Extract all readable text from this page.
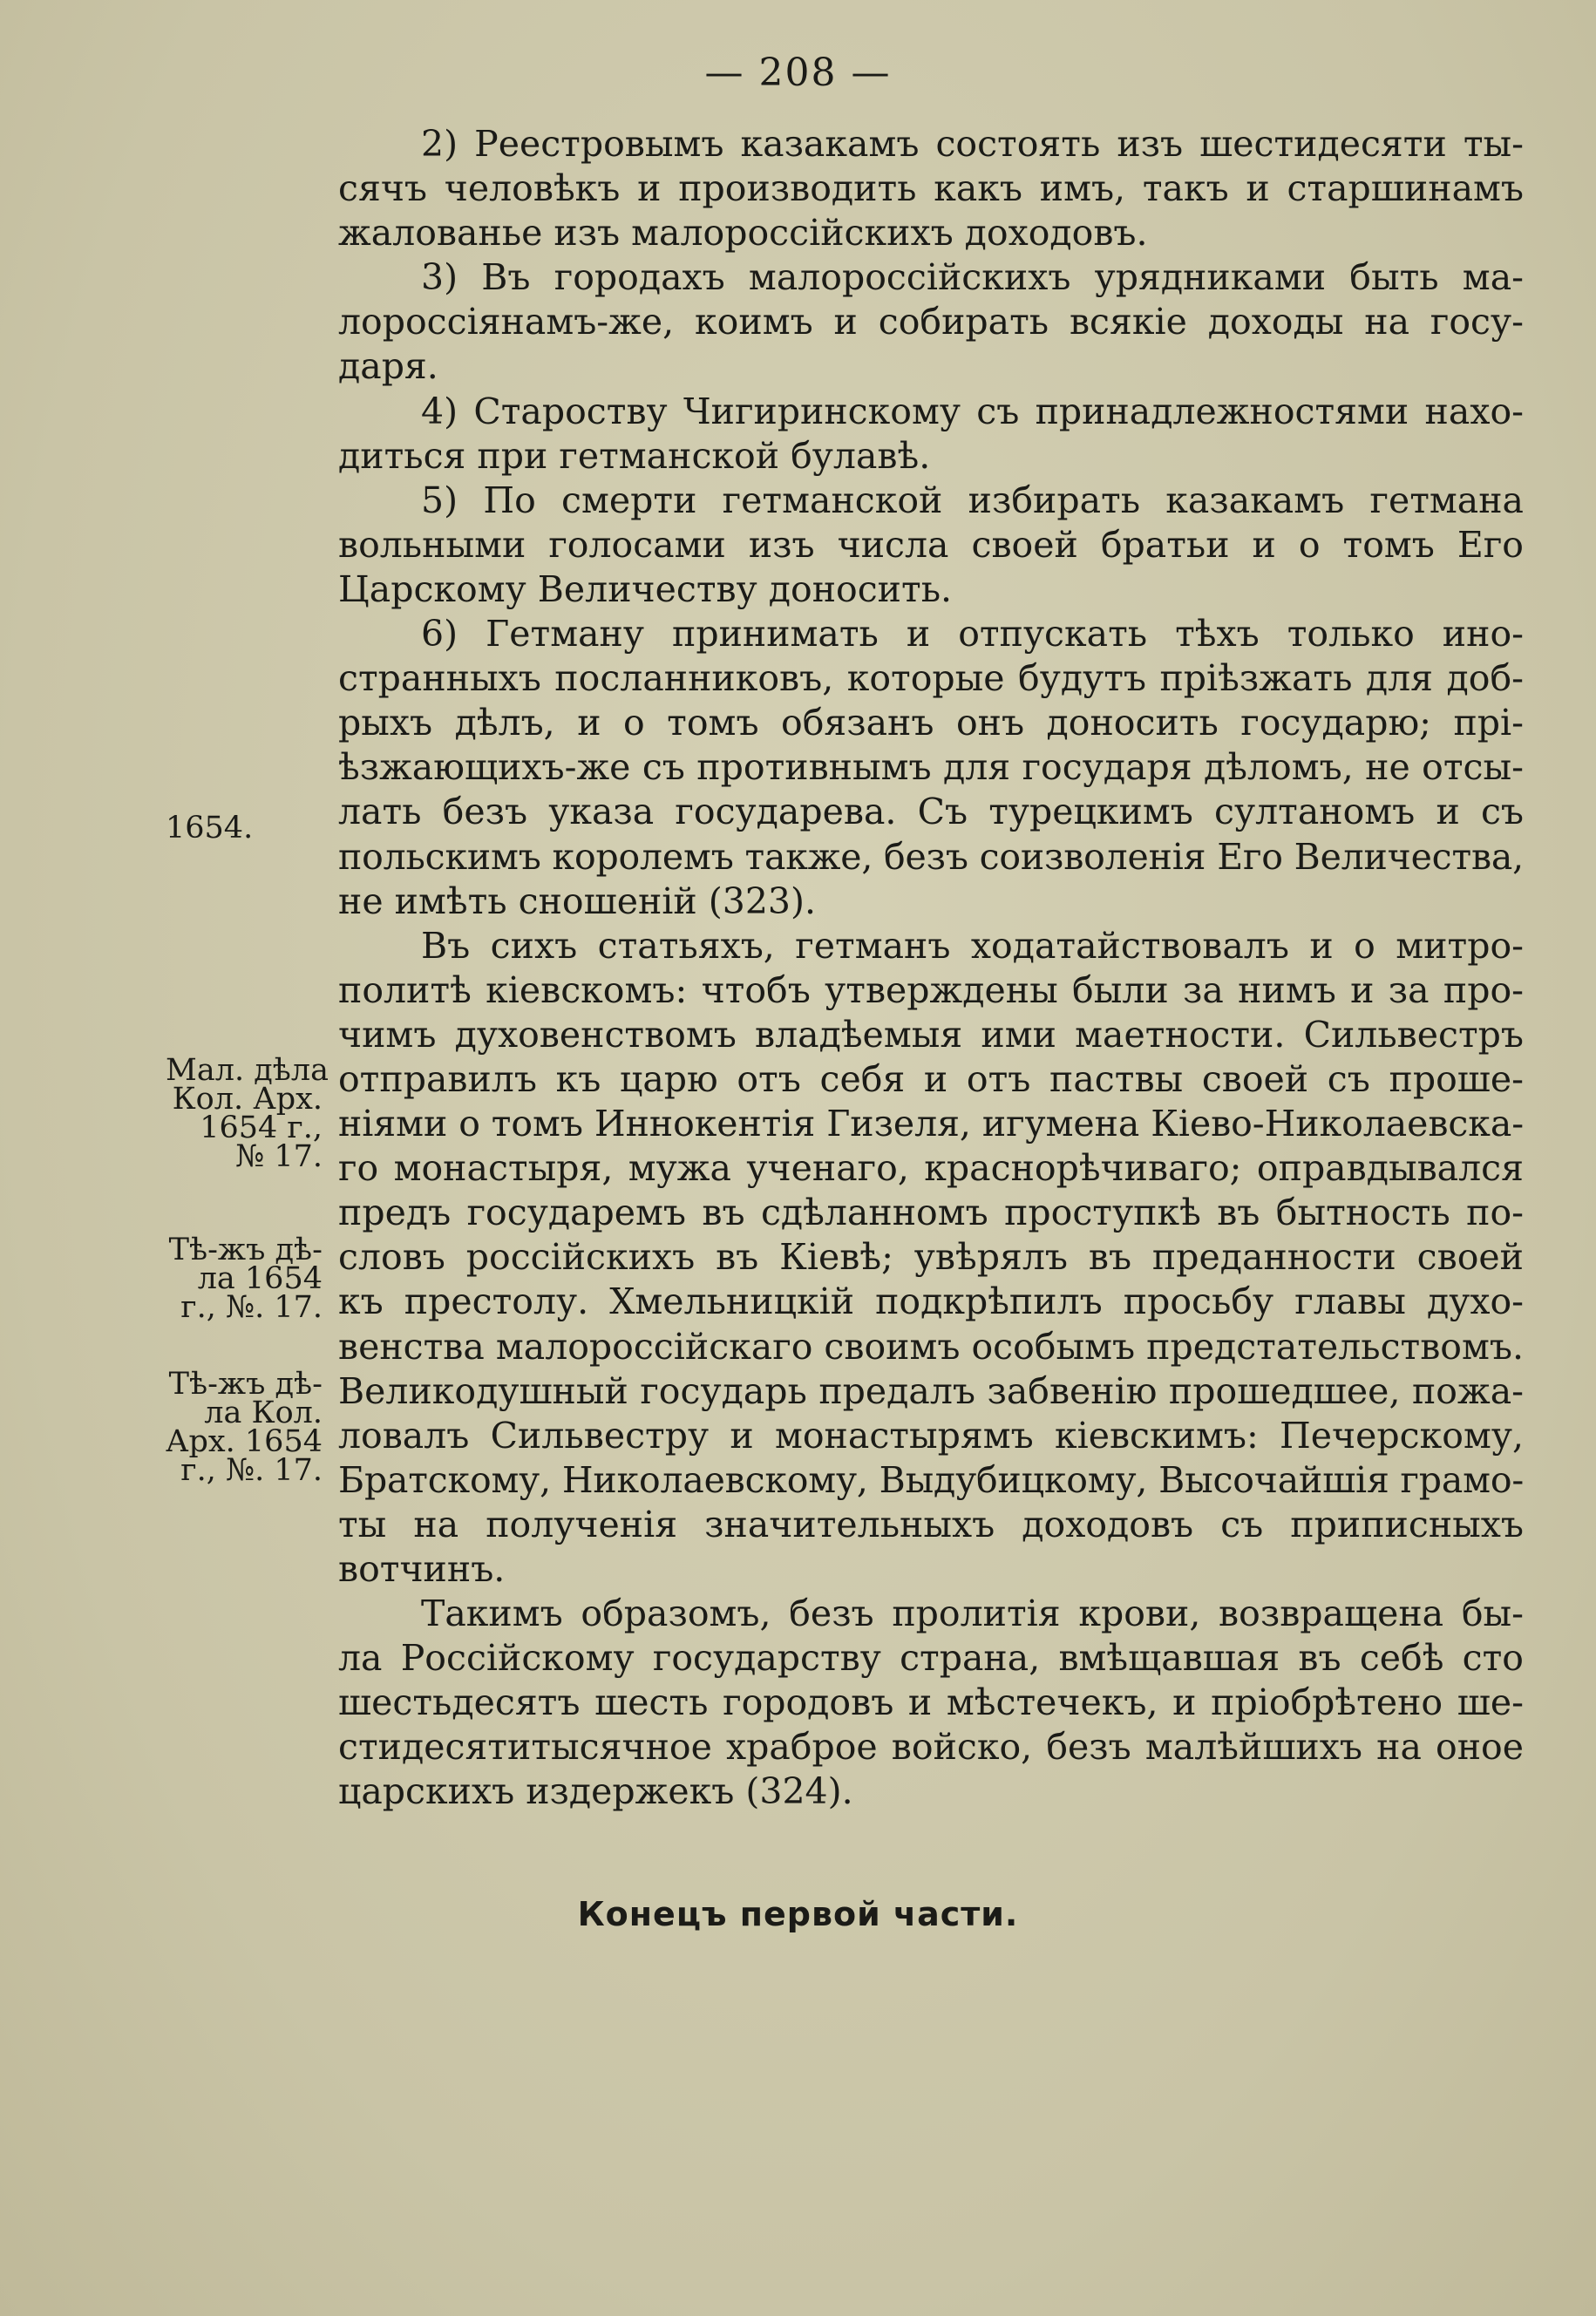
— 208 —
2) Реестровымъ казакамъ состоять изъ шестидесяти ты-
сячъ человѣкъ и производить какъ имъ, такъ и старшинамъ
жалованье изъ малороссійскихъ доходовъ.
3) Въ городахъ малороссійскихъ урядниками быть ма-
лороссіянамъ-же, коимъ и собирать всякіе доходы на госу-
даря.
4) Староству Чигиринскому съ принадлежностями нахо-
диться при гетманской булавѣ.
5) По смерти гетманской избирать казакамъ гетмана
вольными голосами изъ числа своей братьи и о томъ Его
Царскому Величеству доносить.
6) Гетману принимать и отпускать тѣхъ только ино-
странныхъ посланниковъ, которые будутъ пріѣзжать для доб-
рыхъ дѣлъ, и о томъ обязанъ онъ доносить государю; прі-
ѣзжающихъ-же съ противнымъ для государя дѣломъ, не отсы-
лать безъ указа государева. Съ турецкимъ султаномъ и съ
польскимъ королемъ также, безъ соизволенія Его Величества,
не имѣть сношеній (323).
Въ сихъ статьяхъ, гетманъ ходатайствовалъ и о митро-
политѣ кіевскомъ: чтобъ утверждены были за нимъ и за про-
чимъ духовенствомъ владѣемыя ими маетности. Сильвестръ
отправилъ къ царю отъ себя и отъ паствы своей съ проше-
ніями о томъ Иннокентія Гизеля, игумена Кіево-Николаевска-
го монастыря, мужа ученаго, краснорѣчиваго; оправдывался
предъ государемъ въ сдѣланномъ проступкѣ въ бытность по-
словъ россійскихъ въ Кіевѣ; увѣрялъ въ преданности своей
къ престолу. Хмельницкій подкрѣпилъ просьбу главы духо-
венства малороссійскаго своимъ особымъ предстательствомъ.
Великодушный государь предалъ забвенію прошедшее, пожа-
ловалъ Сильвестру и монастырямъ кіевскимъ: Печерскому,
Братскому, Николаевскому, Выдубицкому, Высочайшія грамо-
ты на полученія значительныхъ доходовъ съ приписныхъ
вотчинъ.
Такимъ образомъ, безъ пролитія крови, возвращена бы-
ла Россійскому государству страна, вмѣщавшая въ себѣ сто
шестьдесятъ шесть городовъ и мѣстечекъ, и пріобрѣтено ше-
стидесятитысячное храброе войско, безъ малѣйшихъ на оное
царскихъ издержекъ (324).
1654.
Мал. дѣла
Кол. Арх.
1654 г.,
№ 17.
Тѣ-жъ дѣ-
ла 1654
г., №. 17.
Тѣ-жъ дѣ-
ла Кол.
Арх. 1654
г., №. 17.
Конецъ первой части.
